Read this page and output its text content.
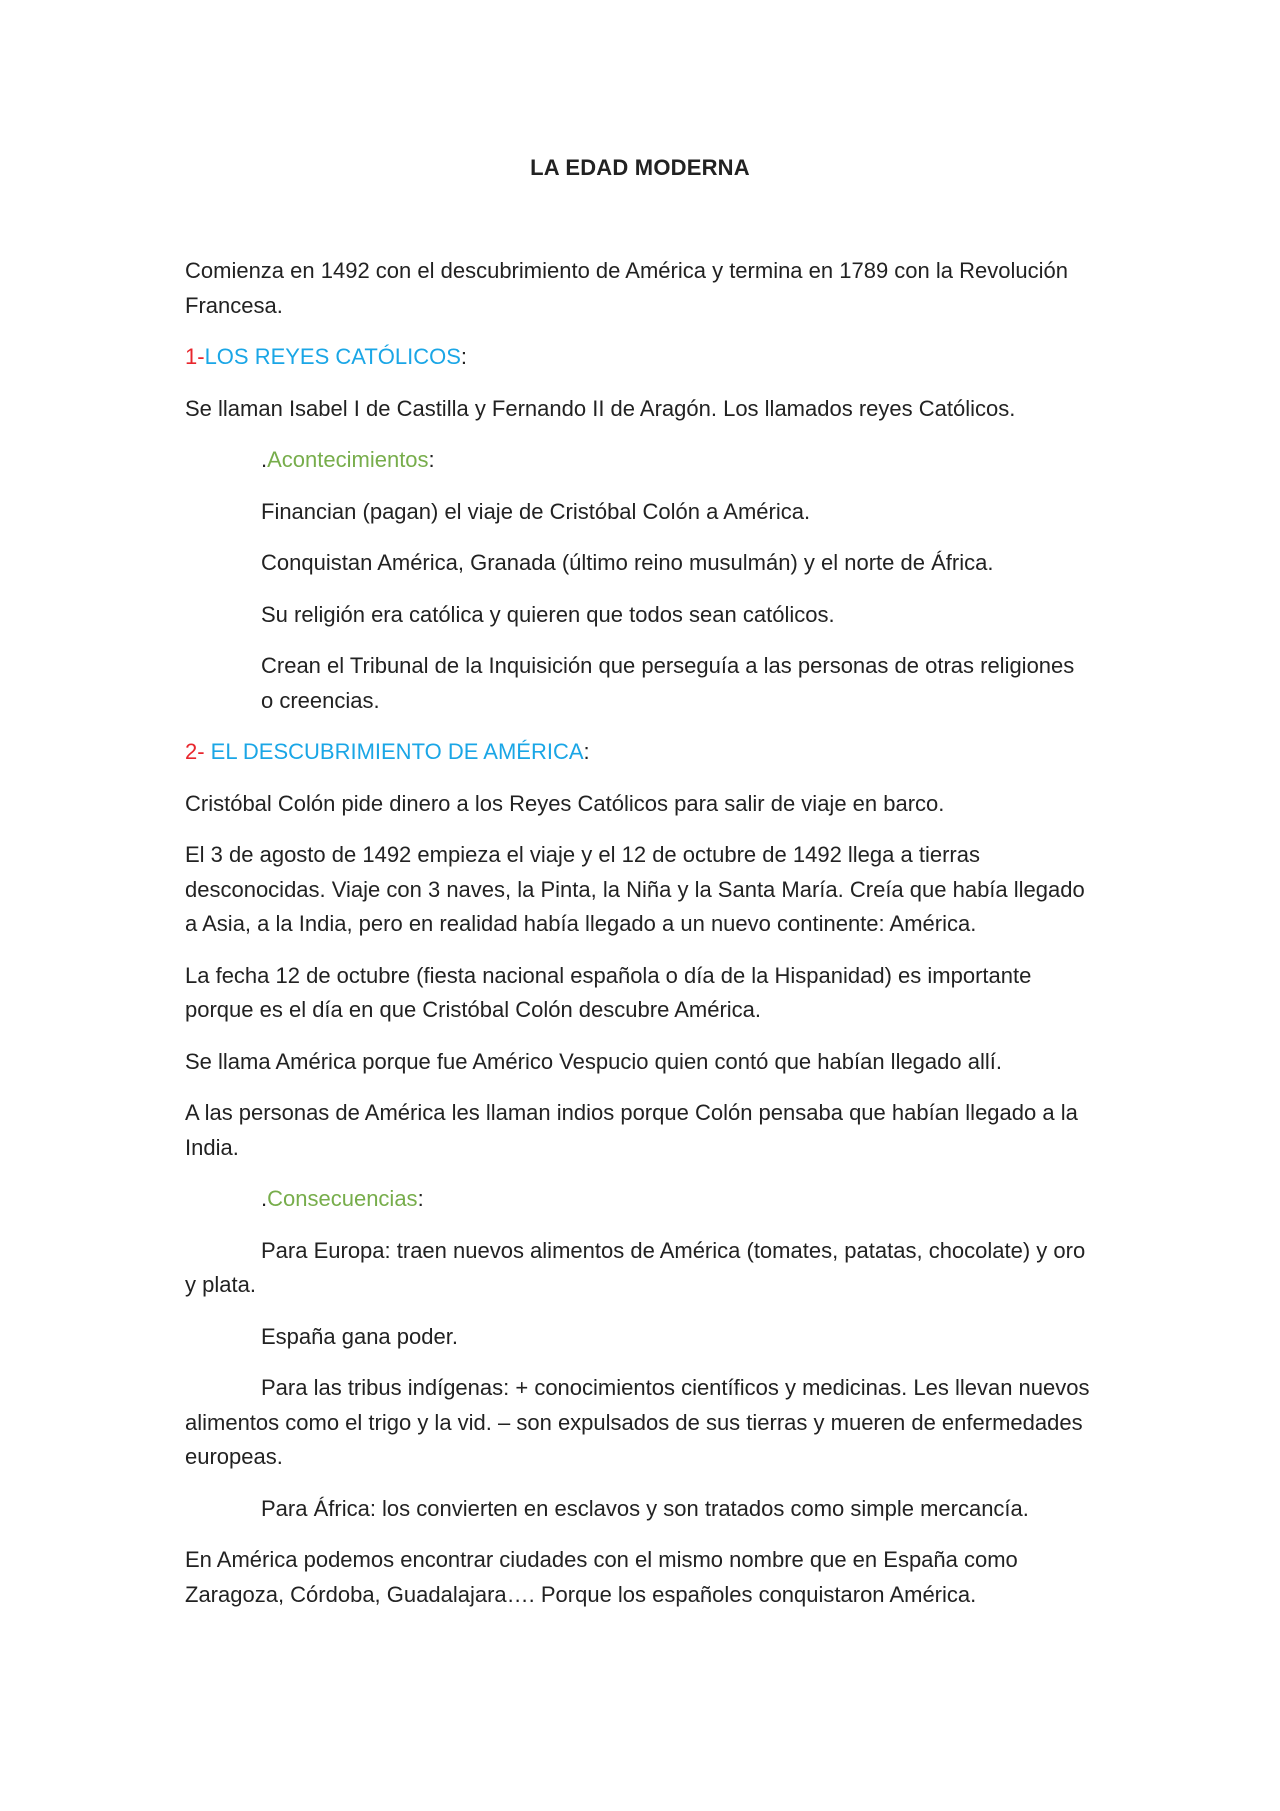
LA EDAD MODERNA

Comienza en 1492 con el descubrimiento de América y termina en 1789 con la Revolución Francesa.

1-LOS REYES CATÓLICOS:

Se llaman Isabel I de Castilla y Fernando II de Aragón. Los llamados reyes Católicos.

.Acontecimientos:

Financian (pagan) el viaje de Cristóbal Colón a América.

Conquistan América, Granada (último reino musulmán) y el norte de África.

Su religión era católica y quieren que todos sean católicos.

Crean el Tribunal de la Inquisición que perseguía a las personas de otras religiones o creencias.

2- EL DESCUBRIMIENTO DE AMÉRICA:

Cristóbal Colón pide dinero a los Reyes Católicos para salir de viaje en barco.

El 3 de agosto de 1492 empieza el viaje y el 12 de octubre de 1492 llega a tierras desconocidas. Viaje con 3 naves, la Pinta, la Niña y la Santa María. Creía que había llegado a Asia, a la India, pero en realidad había llegado a un nuevo continente: América.

La fecha 12 de octubre (fiesta nacional española o día de la Hispanidad) es importante porque es el día en que Cristóbal Colón descubre América.

Se llama América porque fue Américo Vespucio quien contó que habían llegado allí.

A las personas de América les llaman indios porque Colón pensaba que habían llegado a la India.

.Consecuencias:

Para Europa: traen nuevos alimentos de América (tomates, patatas, chocolate) y oro y plata.

España gana poder.

Para las tribus indígenas: + conocimientos científicos y medicinas. Les llevan nuevos alimentos como el trigo y la vid. – son expulsados de sus tierras y mueren de enfermedades europeas.

Para África: los convierten en esclavos y son tratados como simple mercancía.

En América podemos encontrar ciudades con el mismo nombre que en España como Zaragoza, Córdoba, Guadalajara…. Porque los españoles conquistaron América.
